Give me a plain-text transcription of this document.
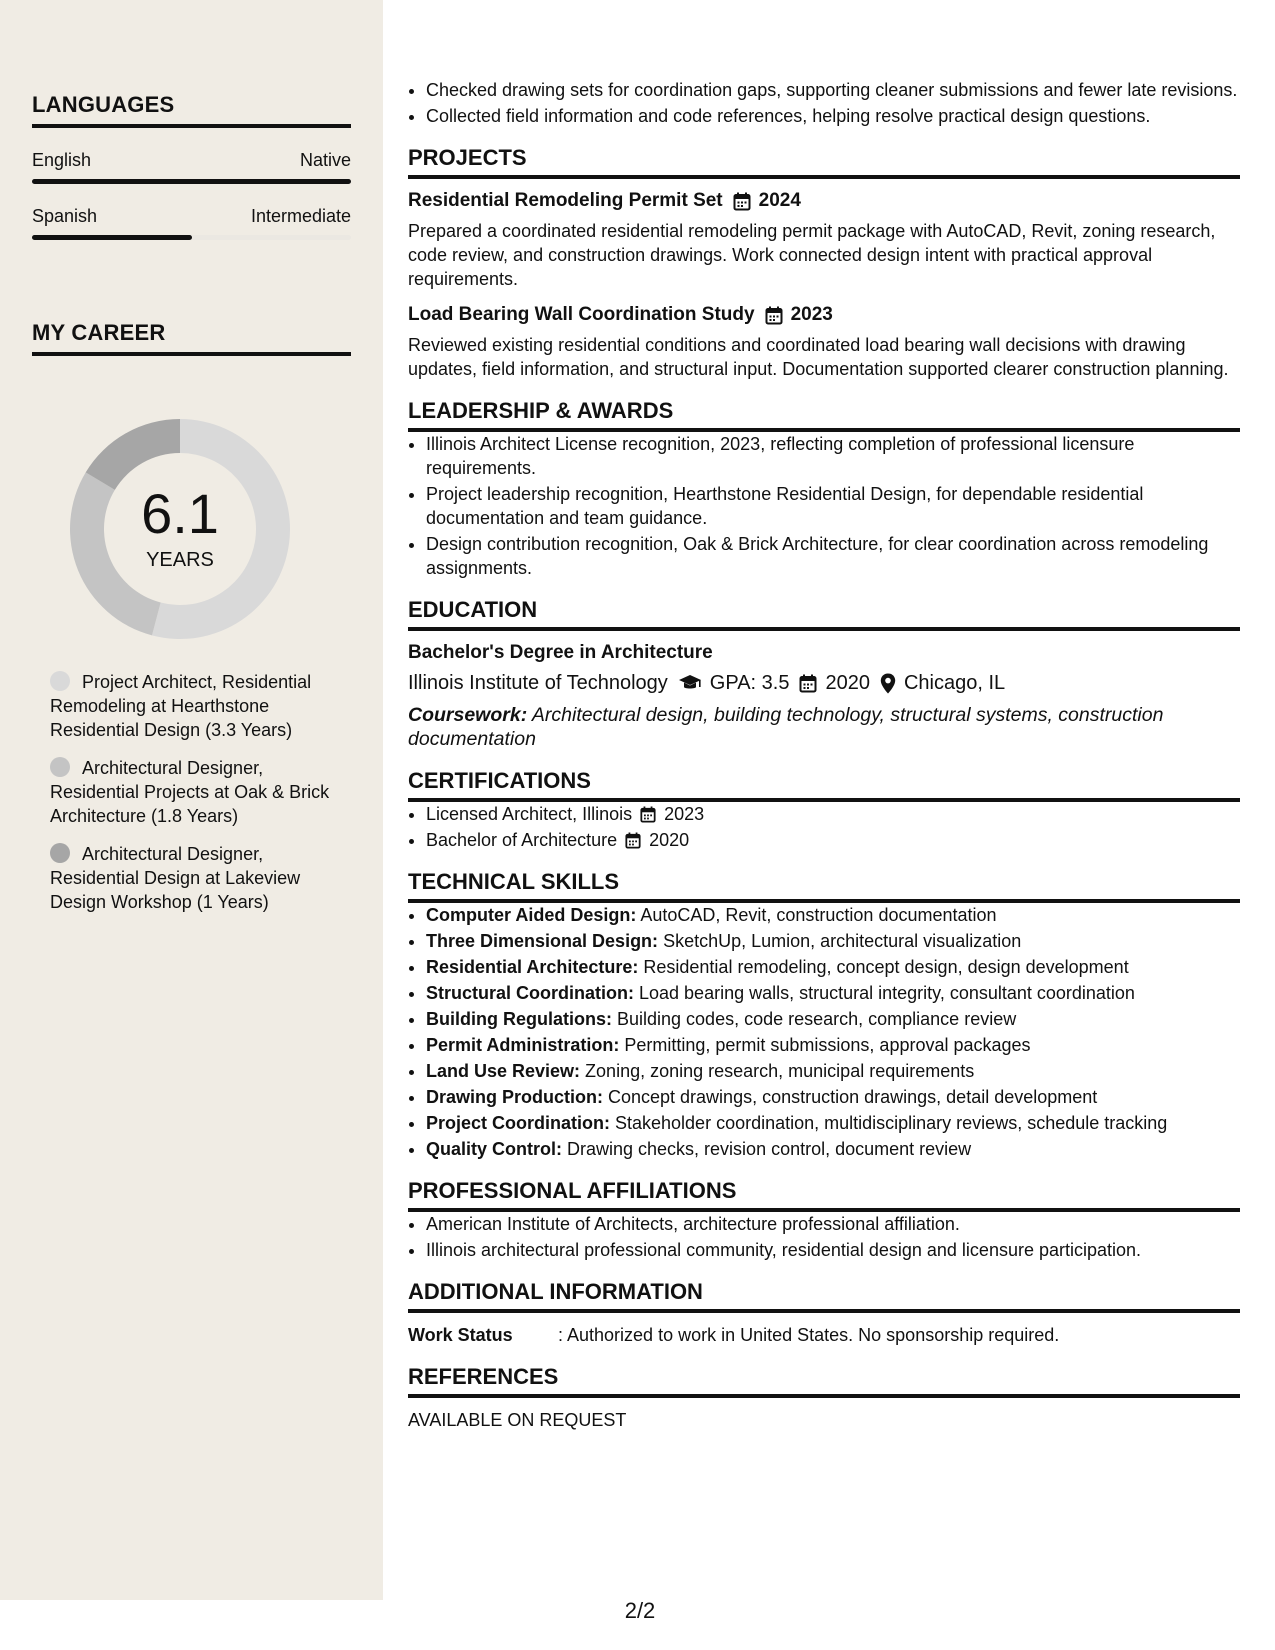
LANGUAGES
English	Native
Spanish	Intermediate
MY CAREER
6.1
YEARS
Project Architect, Residential Remodeling at Hearthstone Residential Design (3.3 Years)
Architectural Designer, Residential Projects at Oak & Brick Architecture (1.8 Years)
Architectural Designer, Residential Design at Lakeview Design Workshop (1 Years)
• Checked drawing sets for coordination gaps, supporting cleaner submissions and fewer late revisions.
• Collected field information and code references, helping resolve practical design questions.
PROJECTS
Residential Remodeling Permit Set 2024
Prepared a coordinated residential remodeling permit package with AutoCAD, Revit, zoning research, code review, and construction drawings. Work connected design intent with practical approval requirements.
Load Bearing Wall Coordination Study 2023
Reviewed existing residential conditions and coordinated load bearing wall decisions with drawing updates, field information, and structural input. Documentation supported clearer construction planning.
LEADERSHIP & AWARDS
• Illinois Architect License recognition, 2023, reflecting completion of professional licensure requirements.
• Project leadership recognition, Hearthstone Residential Design, for dependable residential documentation and team guidance.
• Design contribution recognition, Oak & Brick Architecture, for clear coordination across remodeling assignments.
EDUCATION
Bachelor's Degree in Architecture
Illinois Institute of Technology GPA: 3.5 2020 Chicago, IL
Coursework: Architectural design, building technology, structural systems, construction documentation
CERTIFICATIONS
• Licensed Architect, Illinois 2023
• Bachelor of Architecture 2020
TECHNICAL SKILLS
• Computer Aided Design: AutoCAD, Revit, construction documentation
• Three Dimensional Design: SketchUp, Lumion, architectural visualization
• Residential Architecture: Residential remodeling, concept design, design development
• Structural Coordination: Load bearing walls, structural integrity, consultant coordination
• Building Regulations: Building codes, code research, compliance review
• Permit Administration: Permitting, permit submissions, approval packages
• Land Use Review: Zoning, zoning research, municipal requirements
• Drawing Production: Concept drawings, construction drawings, detail development
• Project Coordination: Stakeholder coordination, multidisciplinary reviews, schedule tracking
• Quality Control: Drawing checks, revision control, document review
PROFESSIONAL AFFILIATIONS
• American Institute of Architects, architecture professional affiliation.
• Illinois architectural professional community, residential design and licensure participation.
ADDITIONAL INFORMATION
Work Status	: Authorized to work in United States. No sponsorship required.
REFERENCES
AVAILABLE ON REQUEST
2/2
